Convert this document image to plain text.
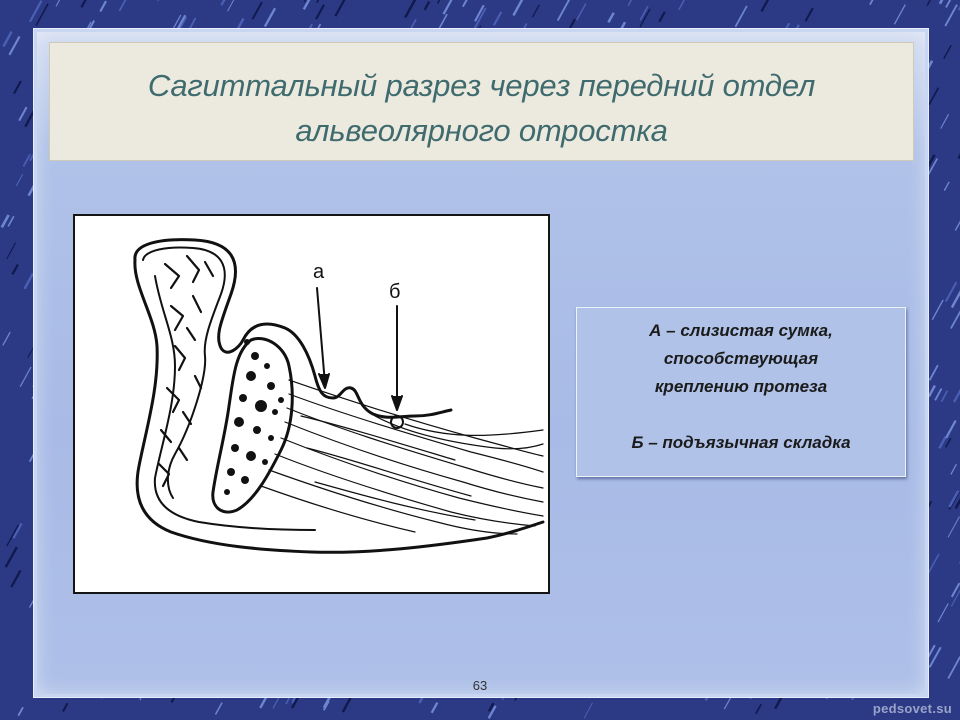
Сагиттальный разрез через передний отдел
альвеолярного отростка
а
б
А – слизистая сумка,
способствующая
креплению протеза
Б – подъязычная складка
63
pedsovet.su
